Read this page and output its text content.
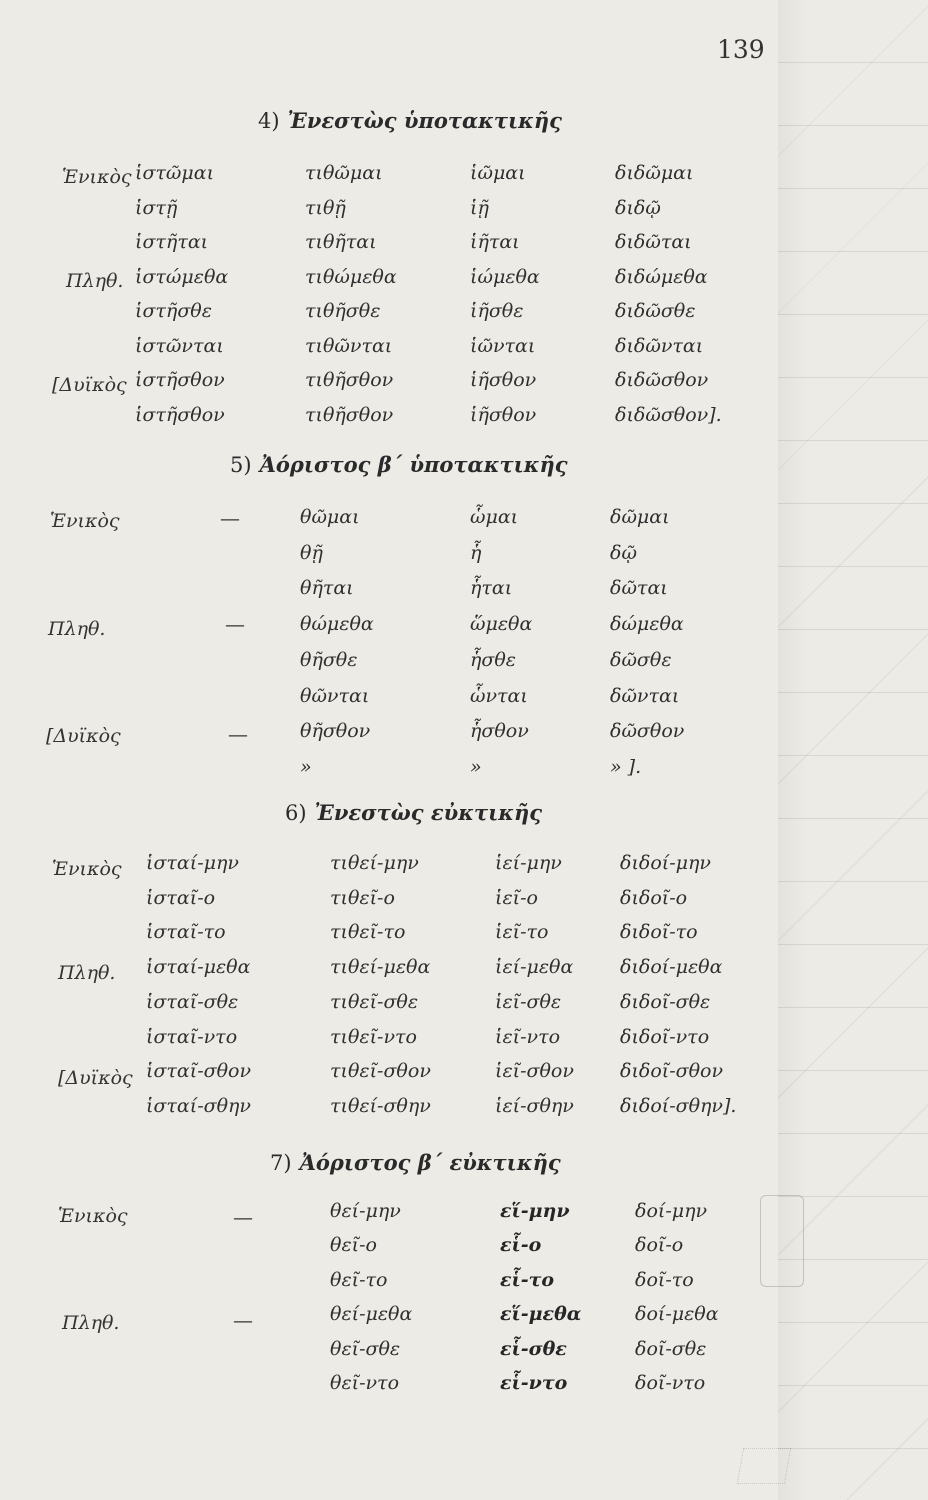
139
4) Ἐνεστὼς ὑποτακτικῆς
Ἑνικὸς
Πληθ.
[Δυϊκὸς
ἱστῶμαι
ἱστῇ
ἱστῆται
ἱστώμεθα
ἱστῆσθε
ἱστῶνται
ἱστῆσθον
ἱστῆσθον
τιθῶμαι
τιθῇ
τιθῆται
τιθώμεθα
τιθῆσθε
τιθῶνται
τιθῆσθον
τιθῆσθον
ἱῶμαι
ἱῇ
ἱῆται
ἱώμεθα
ἱῆσθε
ἱῶνται
ἱῆσθον
ἱῆσθον
διδῶμαι
διδῷ
διδῶται
διδώμεθα
διδῶσθε
διδῶνται
διδῶσθον
διδῶσθον].
5) Ἀόριστος β΄ ὑποτακτικῆς
Ἑνικὸς
Πληθ.
[Δυϊκὸς
—
—
—
θῶμαι
θῇ
θῆται
θώμεθα
θῆσθε
θῶνται
θῆσθον
»
ὧμαι
ἧ
ἧται
ὥμεθα
ἧσθε
ὧνται
ἧσθον
»
δῶμαι
δῷ
δῶται
δώμεθα
δῶσθε
δῶνται
δῶσθον
» ].
6) Ἐνεστὼς εὐκτικῆς
Ἑνικὸς
Πληθ.
[Δυϊκὸς
ἱσταί-μην
ἱσταῖ-ο
ἱσταῖ-το
ἱσταί-μεθα
ἱσταῖ-σθε
ἱσταῖ-ντο
ἱσταῖ-σθον
ἱσταί-σθην
τιθεί-μην
τιθεῖ-ο
τιθεῖ-το
τιθεί-μεθα
τιθεῖ-σθε
τιθεῖ-ντο
τιθεῖ-σθον
τιθεί-σθην
ἱεί-μην
ἱεῖ-ο
ἱεῖ-το
ἱεί-μεθα
ἱεῖ-σθε
ἱεῖ-ντο
ἱεῖ-σθον
ἱεί-σθην
διδοί-μην
διδοῖ-ο
διδοῖ-το
διδοί-μεθα
διδοῖ-σθε
διδοῖ-ντο
διδοῖ-σθον
διδοί-σθην].
7) Ἀόριστος β΄ εὐκτικῆς
Ἑνικὸς
Πληθ.
—
—
θεί-μην
θεῖ-ο
θεῖ-το
θεί-μεθα
θεῖ-σθε
θεῖ-ντο
εἵ-μην
εἷ-ο
εἷ-το
εἵ-μεθα
εἷ-σθε
εἷ-ντο
δοί-μην
δοῖ-ο
δοῖ-το
δοί-μεθα
δοῖ-σθε
δοῖ-ντο
